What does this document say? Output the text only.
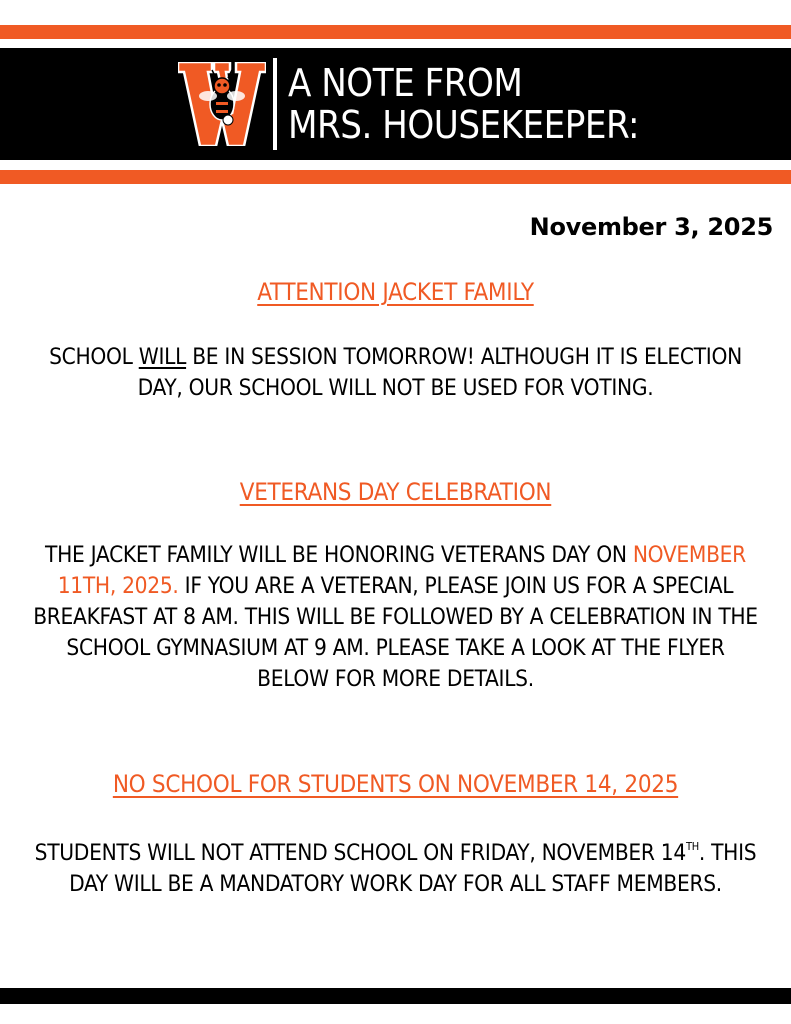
A NOTE FROM
MRS. HOUSEKEEPER:
November 3, 2025
ATTENTION JACKET FAMILY
SCHOOL WILL BE IN SESSION TOMORROW! ALTHOUGH IT IS ELECTION DAY, OUR SCHOOL WILL NOT BE USED FOR VOTING.
VETERANS DAY CELEBRATION
THE JACKET FAMILY WILL BE HONORING VETERANS DAY ON NOVEMBER 11TH, 2025. IF YOU ARE A VETERAN, PLEASE JOIN US FOR A SPECIAL BREAKFAST AT 8 AM. THIS WILL BE FOLLOWED BY A CELEBRATION IN THE SCHOOL GYMNASIUM AT 9 AM. PLEASE TAKE A LOOK AT THE FLYER BELOW FOR MORE DETAILS.
NO SCHOOL FOR STUDENTS ON NOVEMBER 14, 2025
STUDENTS WILL NOT ATTEND SCHOOL ON FRIDAY, NOVEMBER 14TH. THIS DAY WILL BE A MANDATORY WORK DAY FOR ALL STAFF MEMBERS.
